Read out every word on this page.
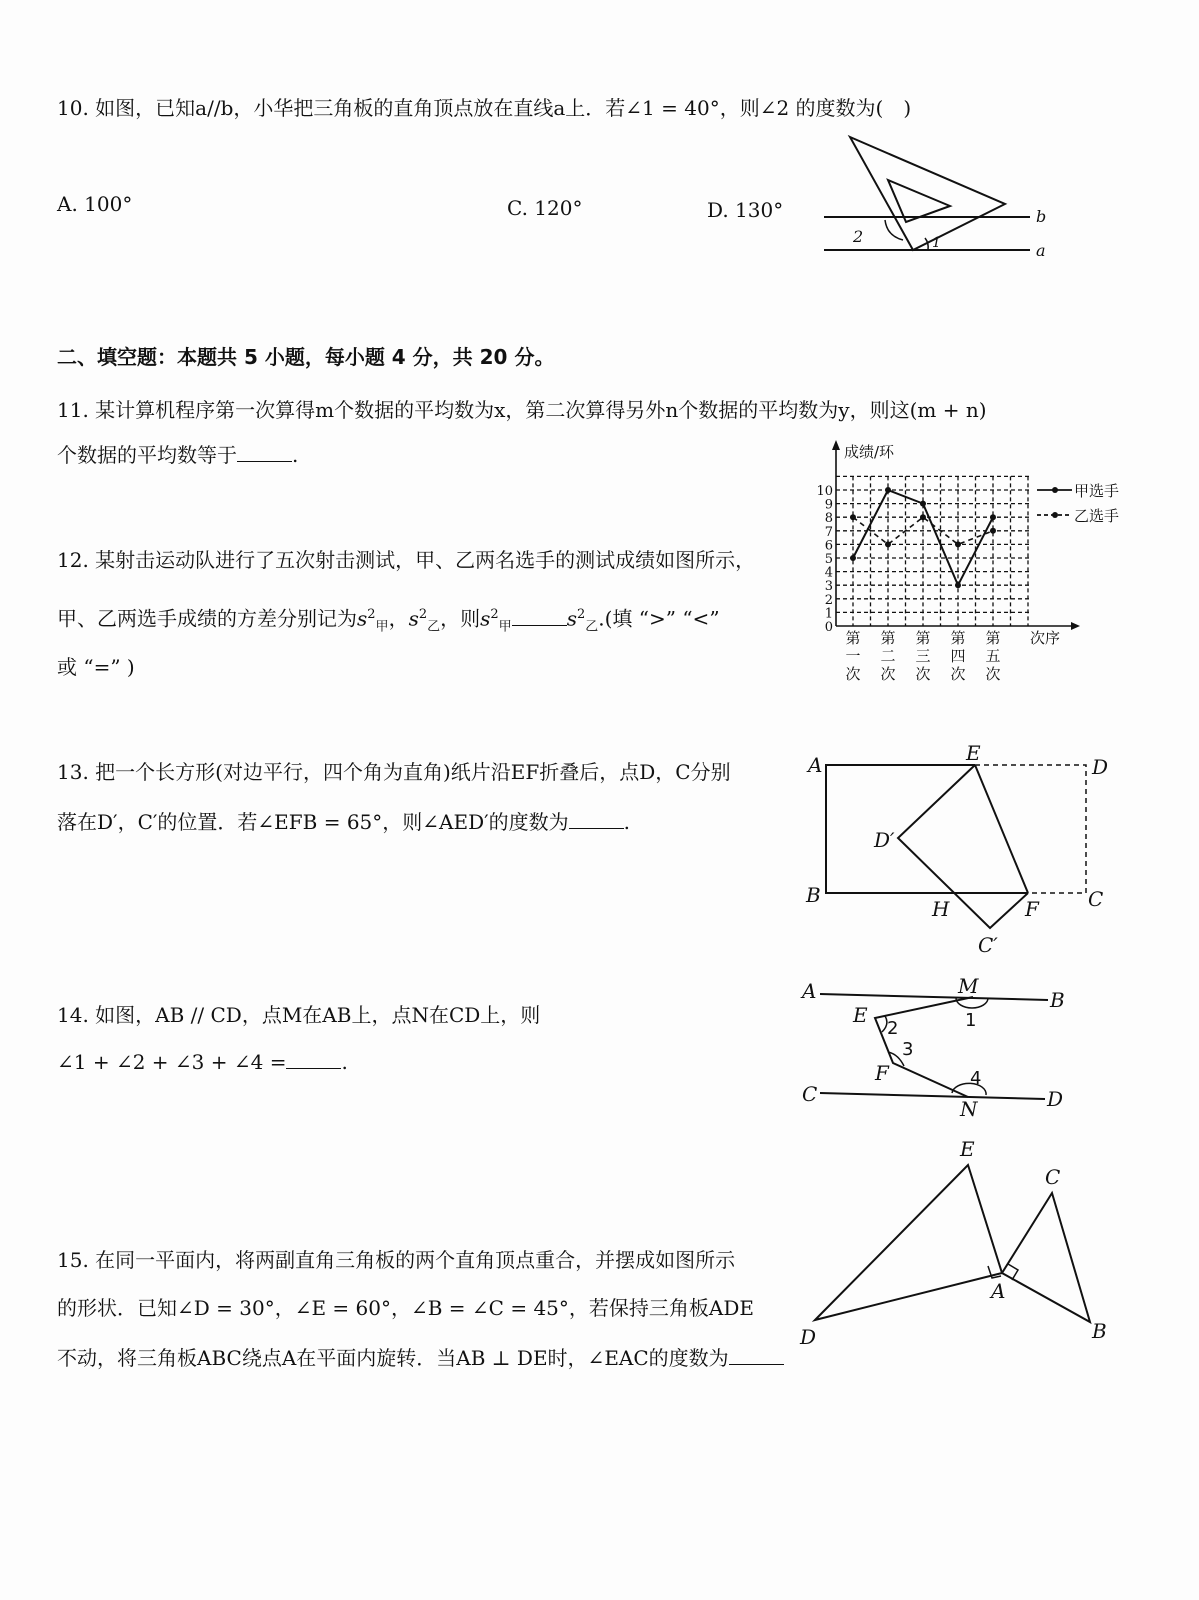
10. 如图，已知a//b，小华把三角板的直角顶点放在直线a上．若∠1 = 40°，则∠2 的度数为(　)
A. 100°	C. 120°	D. 130°	b
a
1
2
成绩/环
次序
0
1
2
3
4
5
6
7
8
9
10
第
一
次
第
二
次
第
三
次
第
四
次
第
五
次
甲选手
乙选手
A	E
D
D′
B
H	F C
C′
A	M
B
E	1
2
3
F	4
C
N	D
E
C
A
D	B
二、填空题：本题共 5 小题，每小题 4 分，共 20 分。
11. 某计算机程序第一次算得m个数据的平均数为x，第二次算得另外n个数据的平均数为y，则这(m + n)
个数据的平均数等于	.
12. 某射击运动队进行了五次射击测试，甲、乙两名选手的测试成绩如图所示，
甲、乙两选手成绩的方差分别记为$s^2_甲$，$s^2_乙$，则$s^2_甲$	$s^2_乙$.(填 “>” “<”
或 “=” )
13. 把一个长方形(对边平行，四个角为直角)纸片沿EF折叠后，点D，C分别
落在D′，C′的位置．若∠EFB = 65°，则∠AED′的度数为	.
14. 如图，AB // CD，点M在AB上，点N在CD上，则
∠1 + ∠2 + ∠3 + ∠4 =	.
15. 在同一平面内，将两副直角三角板的两个直角顶点重合，并摆成如图所示
的形状．已知∠D = 30°，∠E = 60°，∠B = ∠C = 45°，若保持三角板ADE
不动，将三角板ABC绕点A在平面内旋转．当AB ⊥ DE时，∠EAC的度数为
